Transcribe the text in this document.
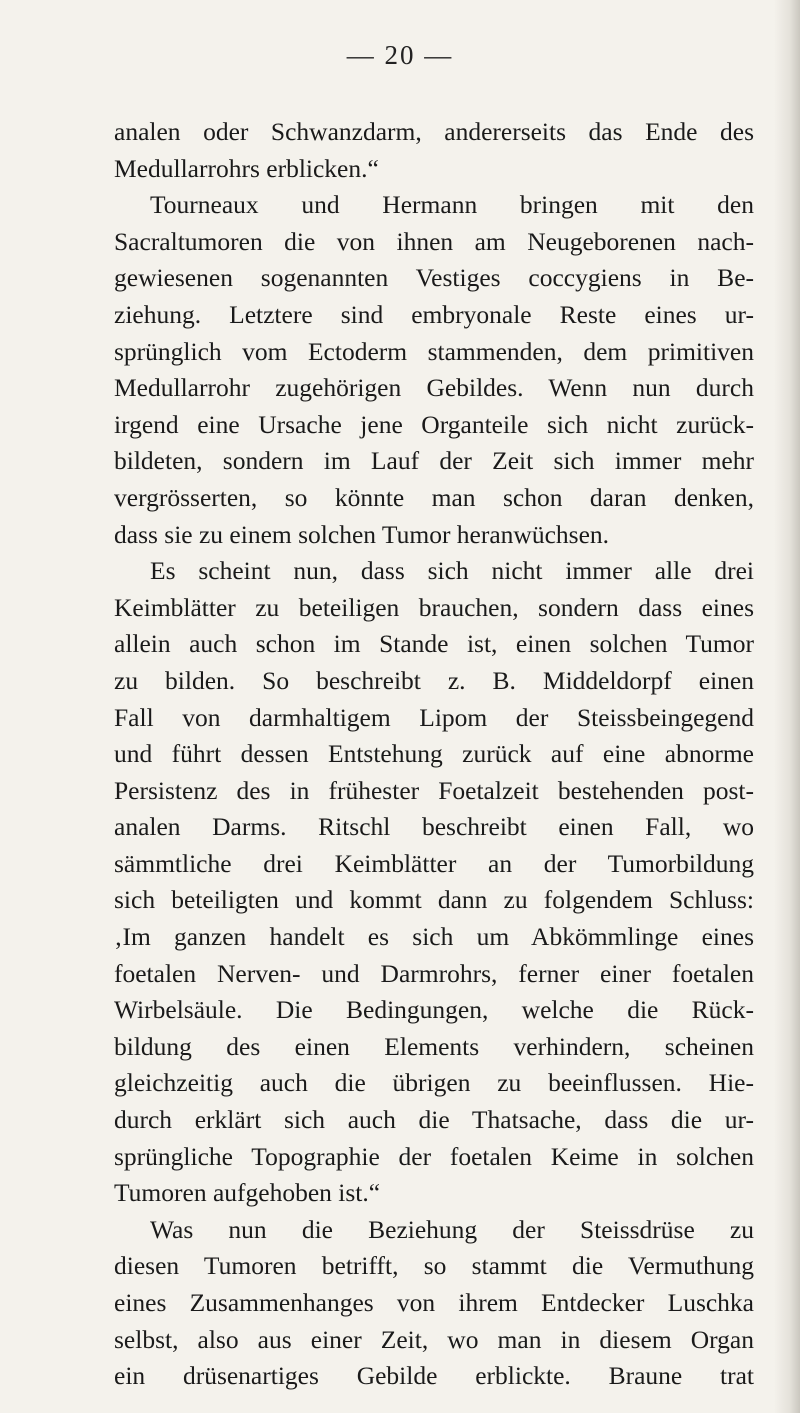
— 20 —
analen oder Schwanzdarm, andererseits das Ende des
Medullarrohrs erblicken.“
Tourneaux und Hermann bringen mit den
Sacraltumoren die von ihnen am Neugeborenen nach-
gewiesenen sogenannten Vestiges coccygiens in Be-
ziehung. Letztere sind embryonale Reste eines ur-
sprünglich vom Ectoderm stammenden, dem primitiven
Medullarrohr zugehörigen Gebildes. Wenn nun durch
irgend eine Ursache jene Organteile sich nicht zurück-
bildeten, sondern im Lauf der Zeit sich immer mehr
vergrösserten, so könnte man schon daran denken,
dass sie zu einem solchen Tumor heranwüchsen.
Es scheint nun, dass sich nicht immer alle drei
Keimblätter zu beteiligen brauchen, sondern dass eines
allein auch schon im Stande ist, einen solchen Tumor
zu bilden. So beschreibt z. B. Middeldorpf einen
Fall von darmhaltigem Lipom der Steissbeingegend
und führt dessen Entstehung zurück auf eine abnorme
Persistenz des in frühester Foetalzeit bestehenden post-
analen Darms. Ritschl beschreibt einen Fall, wo
sämmtliche drei Keimblätter an der Tumorbildung
sich beteiligten und kommt dann zu folgendem Schluss:
‚Im ganzen handelt es sich um Abkömmlinge eines
foetalen Nerven- und Darmrohrs, ferner einer foetalen
Wirbelsäule. Die Bedingungen, welche die Rück-
bildung des einen Elements verhindern, scheinen
gleichzeitig auch die übrigen zu beeinflussen. Hie-
durch erklärt sich auch die Thatsache, dass die ur-
sprüngliche Topographie der foetalen Keime in solchen
Tumoren aufgehoben ist.“
Was nun die Beziehung der Steissdrüse zu
diesen Tumoren betrifft, so stammt die Vermuthung
eines Zusammenhanges von ihrem Entdecker Luschka
selbst, also aus einer Zeit, wo man in diesem Organ
ein drüsenartiges Gebilde erblickte. Braune trat
